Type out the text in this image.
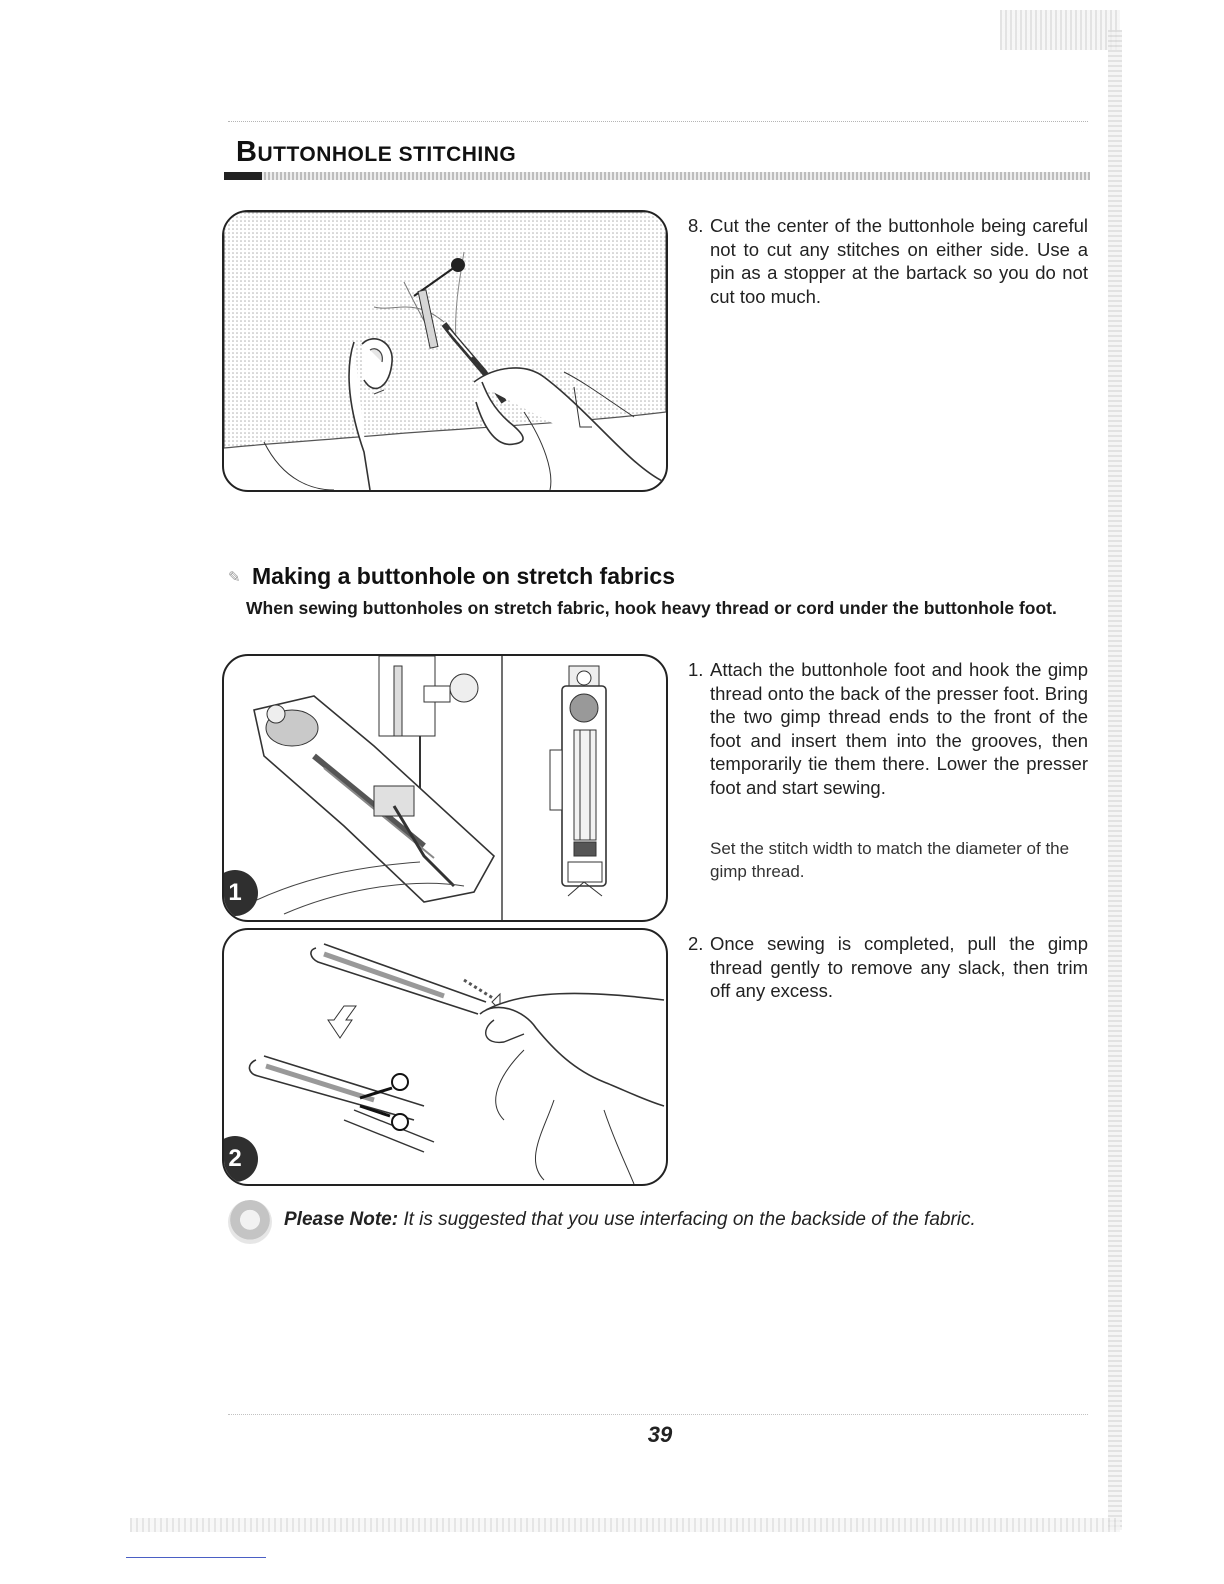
BUTTONHOLE STITCHING
8. Cut the center of the buttonhole being careful not to cut any stitches on either side. Use a pin as a stopper at the bartack so you do not cut too much.
✎ Making a buttonhole on stretch fabrics
When sewing buttonholes on stretch fabric, hook heavy thread or cord under the buttonhole foot.
1
2
1. Attach the buttonhole foot and hook the gimp thread onto the back of the presser foot. Bring the two gimp thread ends to the front of the foot and insert them into the grooves, then temporarily tie them there. Lower the presser foot and start sewing.
Set the stitch width to match the diameter of the gimp thread.
2. Once sewing is completed, pull the gimp thread gently to remove any slack, then trim off any excess.
Please Note: It is suggested that you use interfacing on the backside of the fabric.
39
